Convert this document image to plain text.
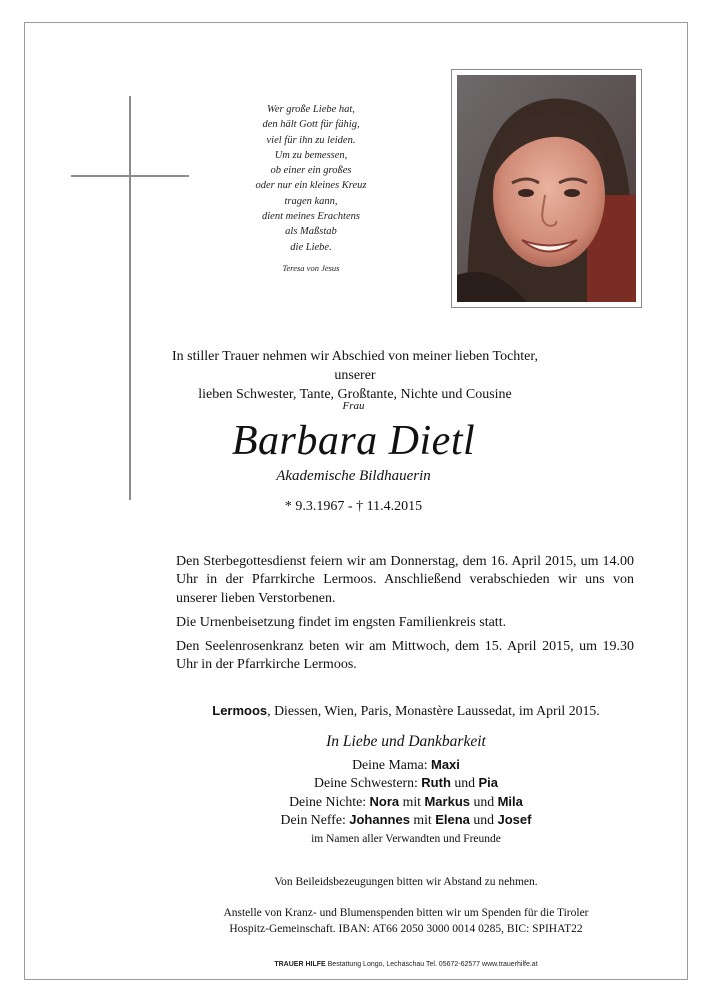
Wer große Liebe hat,
den hält Gott für fähig,
viel für ihn zu leiden.
Um zu bemessen,
ob einer ein großes
oder nur ein kleines Kreuz
tragen kann,
dient meines Erachtens
als Maßstab
die Liebe.
Teresa von Jesus
In stiller Trauer nehmen wir Abschied von meiner lieben Tochter, unserer
lieben Schwester, Tante, Großtante, Nichte und Cousine
Frau
Barbara Dietl
Akademische Bildhauerin
* 9.3.1967 - † 11.4.2015

Den Sterbegottesdienst feiern wir am Donnerstag, dem 16. April 2015, um 14.00 Uhr in der Pfarrkirche Lermoos. Anschließend verabschieden wir uns von unserer lieben Verstorbenen.

Die Urnenbeisetzung findet im engsten Familienkreis statt.

Den Seelenrosenkranz beten wir am Mittwoch, dem 15. April 2015, um 19.30 Uhr in der Pfarrkirche Lermoos.

Lermoos, Diessen, Wien, Paris, Monastère Laussedat, im April 2015.
In Liebe und Dankbarkeit
Deine Mama: Maxi
Deine Schwestern: Ruth und Pia
Deine Nichte: Nora mit Markus und Mila
Dein Neffe: Johannes mit Elena und Josef
im Namen aller Verwandten und Freunde
Von Beileidsbezeugungen bitten wir Abstand zu nehmen.
Anstelle von Kranz- und Blumenspenden bitten wir um Spenden für die Tiroler
Hospitz-Gemeinschaft. IBAN: AT66 2050 3000 0014 0285, BIC: SPIHAT22
TRAUER HILFE Bestattung Longo, Lechaschau Tel. 05672-62577 www.trauerhilfe.at
